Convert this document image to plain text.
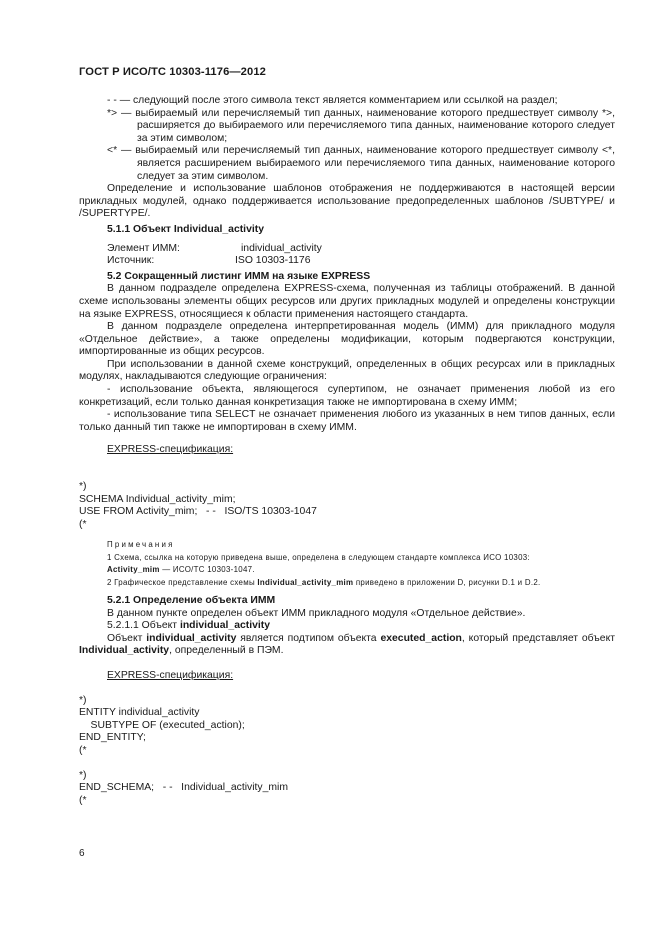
ГОСТ Р ИСО/ТС 10303-1176—2012

- - — следующий после этого символа текст является комментарием или ссылкой на раздел;

*> — выбираемый или перечисляемый тип данных, наименование которого предшествует символу *>, расширяется до выбираемого или перечисляемого типа данных, наименование которого следует за этим символом;

<* — выбираемый или перечисляемый тип данных, наименование которого предшествует символу <*, является расширением выбираемого или перечисляемого типа данных, наименование которого следует за этим символом.

Определение и использование шаблонов отображения не поддерживаются в настоящей версии прикладных модулей, однако поддерживается использование предопределенных шаблонов /SUBTYPE/ и /SUPERTYPE/.

5.1.1 Объект Individual_activity

Элемент ИММ:	individual_activity

Источник:	ISO 10303-1176

5.2 Сокращенный листинг ИММ на языке EXPRESS

В данном подразделе определена EXPRESS-схема, полученная из таблицы отображений. В данной схеме использованы элементы общих ресурсов или других прикладных модулей и определены конструкции на языке EXPRESS, относящиеся к области применения настоящего стандарта.

В данном подразделе определена интерпретированная модель (ИММ) для прикладного модуля «Отдельное действие», а также определены модификации, которым подвергаются конструкции, импортированные из общих ресурсов.

При использовании в данной схеме конструкций, определенных в общих ресурсах или в прикладных модулях, накладываются следующие ограничения:

- использование объекта, являющегося супертипом, не означает применения любой из его конкретизаций, если только данная конкретизация также не импортирована в схему ИММ;

- использование типа SELECT не означает применения любого из указанных в нем типов данных, если только данный тип также не импортирован в схему ИММ.

EXPRESS-спецификация:

*)

SCHEMA Individual_activity_mim;

USE FROM Activity_mim;   - -   ISO/TS 10303-1047

(*

Примечания

1 Схема, ссылка на которую приведена выше, определена в следующем стандарте комплекса ИСО 10303:

Activity_mim — ИСО/ТС 10303-1047.

2 Графическое представление схемы Individual_activity_mim приведено в приложении D, рисунки D.1 и D.2.

5.2.1 Определение объекта ИММ

В данном пункте определен объект ИММ прикладного модуля «Отдельное действие».

5.2.1.1 Объект individual_activity

Объект individual_activity является подтипом объекта executed_action, который представляет объект Individual_activity, определенный в ПЭМ.

EXPRESS-спецификация:

*)

ENTITY individual_activity

SUBTYPE OF (executed_action);

END_ENTITY;

(*

*)

END_SCHEMA;   - -   Individual_activity_mim

(*

6
